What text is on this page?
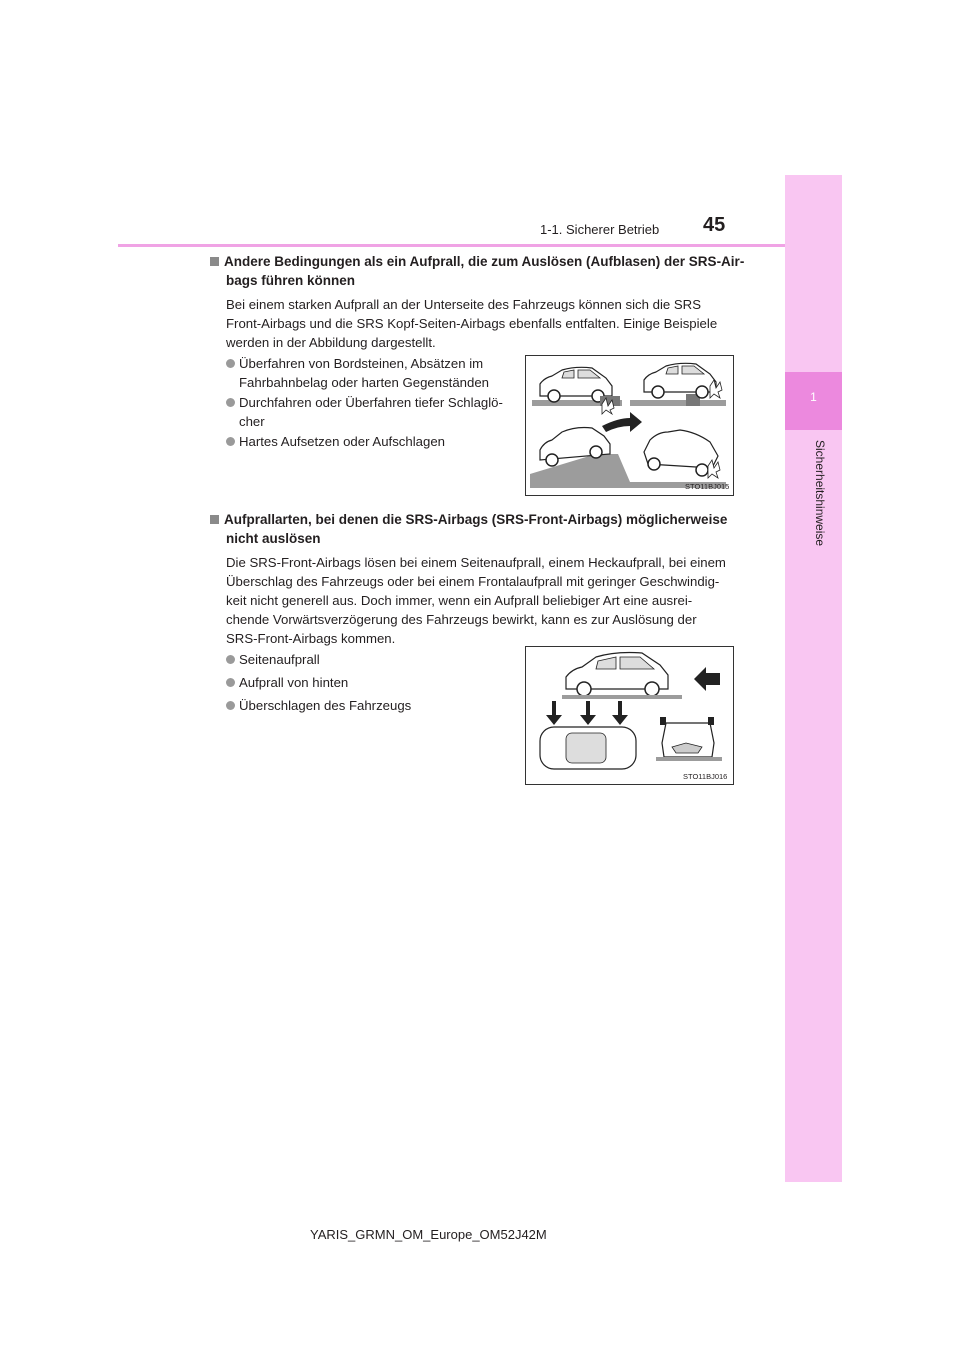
1
Sicherheitshinweise
1-1. Sicherer Betrieb 45
Andere Bedingungen als ein Aufprall, die zum Auslösen (Aufblasen) der SRS-Air-
bags führen können
Bei einem starken Aufprall an der Unterseite des Fahrzeugs können sich die SRS
Front-Airbags und die SRS Kopf-Seiten-Airbags ebenfalls entfalten. Einige Beispiele
werden in der Abbildung dargestellt.
Überfahren von Bordsteinen, Absätzen im
Fahrbahnbelag oder harten Gegenständen
Durchfahren oder Überfahren tiefer Schlaglö-
cher
Hartes Aufsetzen oder Aufschlagen
STO11BJ015
Aufprallarten, bei denen die SRS-Airbags (SRS-Front-Airbags) möglicherweise
nicht auslösen
Die SRS-Front-Airbags lösen bei einem Seitenaufprall, einem Heckaufprall, bei einem
Überschlag des Fahrzeugs oder bei einem Frontalaufprall mit geringer Geschwindig-
keit nicht generell aus. Doch immer, wenn ein Aufprall beliebiger Art eine ausrei-
chende Vorwärtsverzögerung des Fahrzeugs bewirkt, kann es zur Auslösung der
SRS-Front-Airbags kommen.
Seitenaufprall
Aufprall von hinten
Überschlagen des Fahrzeugs
STO11BJ016
YARIS_GRMN_OM_Europe_OM52J42M
